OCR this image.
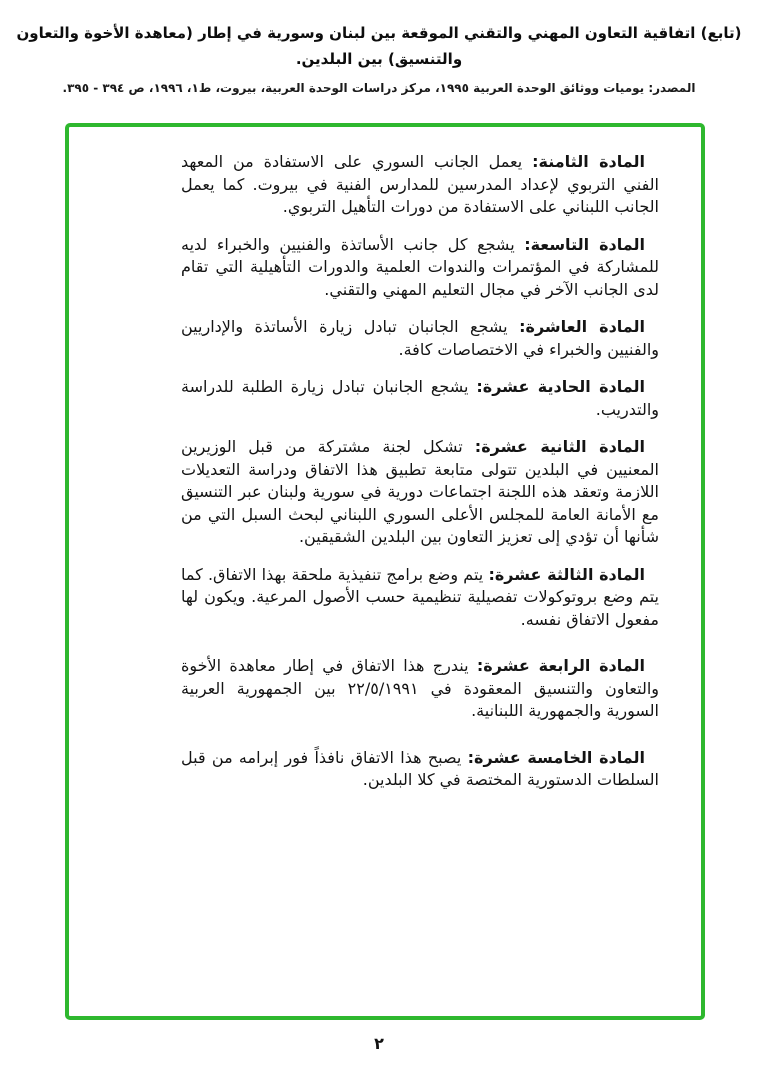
(تابع) اتفاقية التعاون المهني والتقني الموقعة بين لبنان وسورية في إطار (معاهدة الأخوة والتعاون والتنسيق) بين البلدين.
المصدر: يوميات ووثائق الوحدة العربية ١٩٩٥، مركز دراسات الوحدة العربية، بيروت، ط١، ١٩٩٦، ص ٣٩٤ - ٣٩٥.

المادة الثامنة: يعمل الجانب السوري على الاستفادة من المعهد الفني التربوي لإعداد المدرسين للمدارس الفنية في بيروت. كما يعمل الجانب اللبناني على الاستفادة من دورات التأهيل التربوي.

المادة التاسعة: يشجع كل جانب الأساتذة والفنيين والخبراء لديه للمشاركة في المؤتمرات والندوات العلمية والدورات التأهيلية التي تقام لدى الجانب الآخر في مجال التعليم المهني والتقني.

المادة العاشرة: يشجع الجانبان تبادل زيارة الأساتذة والإداريين والفنيين والخبراء في الاختصاصات كافة.

المادة الحادية عشرة: يشجع الجانبان تبادل زيارة الطلبة للدراسة والتدريب.

المادة الثانية عشرة: تشكل لجنة مشتركة من قبل الوزيرين المعنيين في البلدين تتولى متابعة تطبيق هذا الاتفاق ودراسة التعديلات اللازمة وتعقد هذه اللجنة اجتماعات دورية في سورية ولبنان عبر التنسيق مع الأمانة العامة للمجلس الأعلى السوري اللبناني لبحث السبل التي من شأنها أن تؤدي إلى تعزيز التعاون بين البلدين الشقيقين.

المادة الثالثة عشرة: يتم وضع برامج تنفيذية ملحقة بهذا الاتفاق. كما يتم وضع بروتوكولات تفصيلية تنظيمية حسب الأصول المرعية. ويكون لها مفعول الاتفاق نفسه.

المادة الرابعة عشرة: يندرج هذا الاتفاق في إطار معاهدة الأخوة والتعاون والتنسيق المعقودة في ٢٢/٥/١٩٩١ بين الجمهورية العربية السورية والجمهورية اللبنانية.

المادة الخامسة عشرة: يصبح هذا الاتفاق نافذاً فور إبرامه من قبل السلطات الدستورية المختصة في كلا البلدين.

٢
